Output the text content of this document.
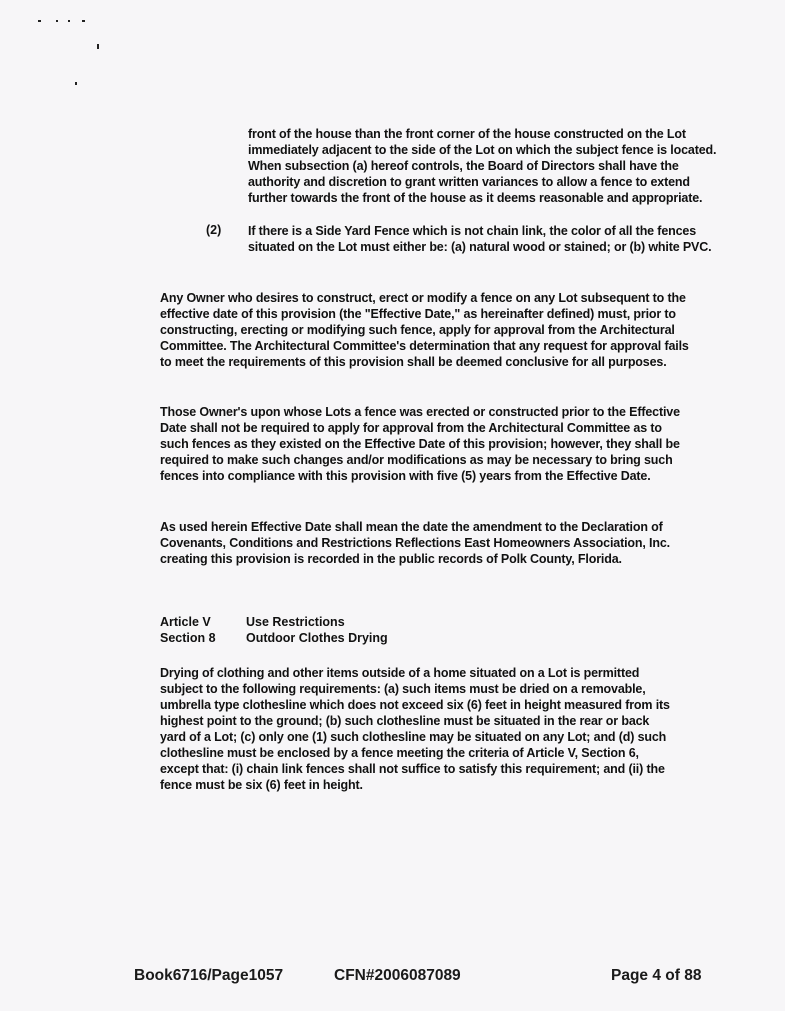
front of the house than the front corner of the house constructed on the Lot immediately adjacent to the side of the Lot on which the subject fence is located. When subsection (a) hereof controls, the Board of Directors shall have the authority and discretion to grant written variances to allow a fence to extend further towards the front of the house as it deems reasonable and appropriate.
(2) If there is a Side Yard Fence which is not chain link, the color of all the fences situated on the Lot must either be: (a) natural wood or stained; or (b) white PVC.
Any Owner who desires to construct, erect or modify a fence on any Lot subsequent to the effective date of this provision (the "Effective Date," as hereinafter defined) must, prior to constructing, erecting or modifying such fence, apply for approval from the Architectural Committee. The Architectural Committee's determination that any request for approval fails to meet the requirements of this provision shall be deemed conclusive for all purposes.
Those Owner's upon whose Lots a fence was erected or constructed prior to the Effective Date shall not be required to apply for approval from the Architectural Committee as to such fences as they existed on the Effective Date of this provision; however, they shall be required to make such changes and/or modifications as may be necessary to bring such fences into compliance with this provision with five (5) years from the Effective Date.
As used herein Effective Date shall mean the date the amendment to the Declaration of Covenants, Conditions and Restrictions Reflections East Homeowners Association, Inc. creating this provision is recorded in the public records of Polk County, Florida.
Article V	Use Restrictions
Section 8 Outdoor Clothes Drying
Drying of clothing and other items outside of a home situated on a Lot is permitted subject to the following requirements: (a) such items must be dried on a removable, umbrella type clothesline which does not exceed six (6) feet in height measured from its highest point to the ground; (b) such clothesline must be situated in the rear or back yard of a Lot; (c) only one (1) such clothesline may be situated on any Lot; and (d) such clothesline must be enclosed by a fence meeting the criteria of Article V, Section 6, except that: (i) chain link fences shall not suffice to satisfy this requirement; and (ii) the fence must be six (6) feet in height.
Book6716/Page1057	CFN#2006087089	Page 4 of 88
